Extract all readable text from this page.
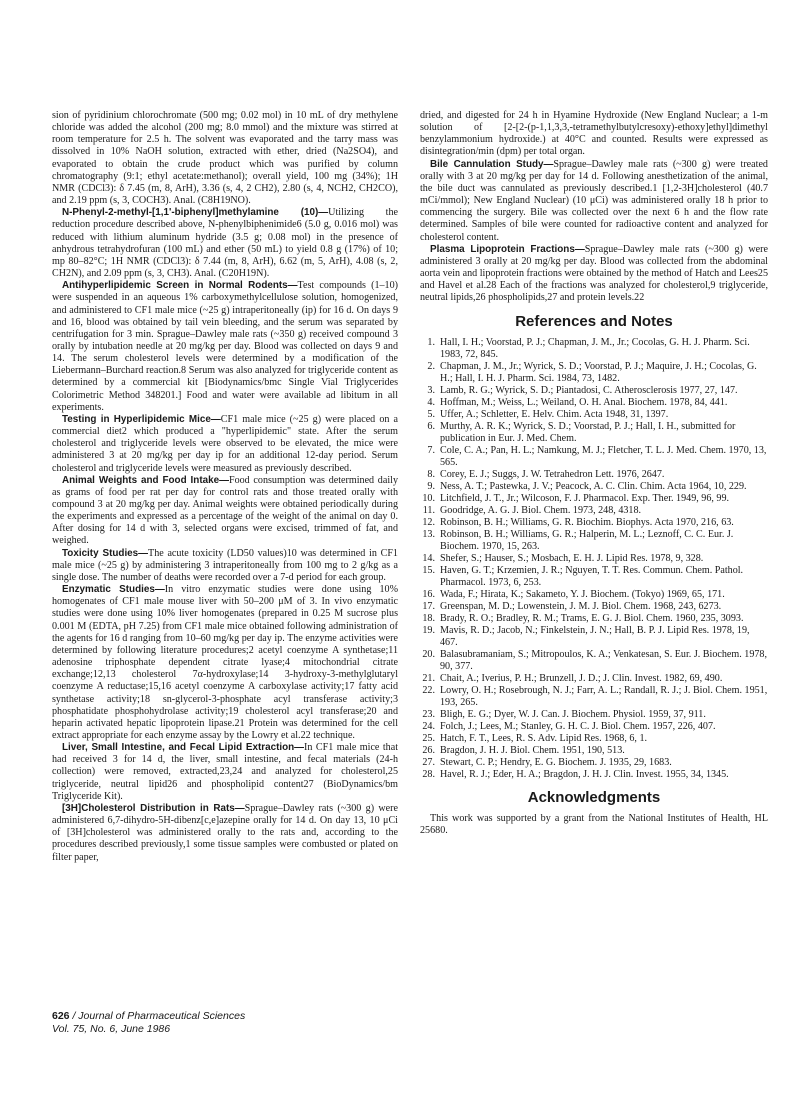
sion of pyridinium chlorochromate (500 mg; 0.02 mol) in 10 mL of dry methylene chloride was added the alcohol (200 mg; 8.0 mmol) and the mixture was stirred at room temperature for 2.5 h. The solvent was evaporated and the tarry mass was dissolved in 10% NaOH solution, extracted with ether, dried (Na2SO4), and evaporated to obtain the crude product which was purified by column chromatography (9:1; ethyl acetate:methanol); overall yield, 100 mg (34%); 1H NMR (CDCl3): δ 7.45 (m, 8, ArH), 3.36 (s, 4, 2 CH2), 2.80 (s, 4, NCH2, CH2CO), and 2.19 ppm (s, 3, COCH3). Anal. (C8H19NO).

N-Phenyl-2-methyl-[1,1'-biphenyl]methylamine (10)—Utilizing the reduction procedure described above, N-phenylbiphenimide6 (5.0 g, 0.016 mol) was reduced with lithium aluminum hydride (3.5 g; 0.08 mol) in the presence of anhydrous tetrahydrofuran (100 mL) and ether (50 mL) to yield 0.8 g (17%) of 10; mp 80–82°C; 1H NMR (CDCl3): δ 7.44 (m, 8, ArH), 6.62 (m, 5, ArH), 4.08 (s, 2, CH2N), and 2.09 ppm (s, 3, CH3). Anal. (C20H19N).

Antihyperlipidemic Screen in Normal Rodents—Test compounds (1–10) were suspended in an aqueous 1% carboxymethylcellulose solution, homogenized, and administered to CF1 male mice (~25 g) intraperitoneally (ip) for 16 d. On days 9 and 16, blood was obtained by tail vein bleeding, and the serum was separated by centrifugation for 3 min. Sprague–Dawley male rats (~350 g) received compound 3 orally by intubation needle at 20 mg/kg per day. Blood was collected on days 9 and 14. The serum cholesterol levels were determined by a modification of the Liebermann–Burchard reaction.8 Serum was also analyzed for triglyceride content as determined by a commercial kit [Biodynamics/bmc Single Vial Triglycerides Colorimetric Method 348201.] Food and water were available ad libitum in all experiments.

Testing in Hyperlipidemic Mice—CF1 male mice (~25 g) were placed on a commercial diet2 which produced a "hyperlipidemic" state. After the serum cholesterol and triglyceride levels were observed to be elevated, the mice were administered 3 at 20 mg/kg per day ip for an additional 12-day period. Serum cholesterol and triglyceride levels were measured as previously described.

Animal Weights and Food Intake—Food consumption was determined daily as grams of food per rat per day for control rats and those treated orally with compound 3 at 20 mg/kg per day. Animal weights were obtained periodically during the experiments and expressed as a percentage of the weight of the animal on day 0. After dosing for 14 d with 3, selected organs were excised, trimmed of fat, and weighed.

Toxicity Studies—The acute toxicity (LD50 values)10 was determined in CF1 male mice (~25 g) by administering 3 intraperitoneally from 100 mg to 2 g/kg as a single dose. The number of deaths were recorded over a 7-d period for each group.

Enzymatic Studies—In vitro enzymatic studies were done using 10% homogenates of CF1 male mouse liver with 50–200 μM of 3. In vivo enzymatic studies were done using 10% liver homogenates (prepared in 0.25 M sucrose plus 0.001 M (EDTA, pH 7.25) from CF1 male mice obtained following administration of the agents for 16 d ranging from 10–60 mg/kg per day ip. The enzyme activities were determined by following literature procedures;2 acetyl coenzyme A synthetase;11 adenosine triphosphate dependent citrate lyase;4 mitochondrial citrate exchange;12,13 cholesterol 7α-hydroxylase;14 3-hydroxy-3-methylglutaryl coenzyme A reductase;15,16 acetyl coenzyme A carboxylase activity;17 fatty acid synthetase activity;18 sn-glycerol-3-phosphate acyl transferase activity;3 phosphatidate phosphohydrolase activity;19 cholesterol acyl transferase;20 and heparin activated hepatic lipoprotein lipase.21 Protein was determined for the cell extract appropriate for each enzyme assay by the Lowry et al.22 technique.

Liver, Small Intestine, and Fecal Lipid Extraction—In CF1 male mice that had received 3 for 14 d, the liver, small intestine, and fecal materials (24-h collection) were removed, extracted,23,24 and analyzed for cholesterol,25 triglyceride, neutral lipid26 and phospholipid content27 (BioDynamics/bm Triglyceride Kit).

[3H]Cholesterol Distribution in Rats—Sprague–Dawley rats (~300 g) were administered 6,7-dihydro-5H-dibenz[c,e]azepine orally for 14 d. On day 13, 10 μCi of [3H]cholesterol was administered orally to the rats and, according to the procedures described previously,1 some tissue samples were combusted or plated on filter paper,

dried, and digested for 24 h in Hyamine Hydroxide (New England Nuclear; a 1-m solution of [2-[2-(p-1,1,3,3,-tetramethylbutylcresoxy)-ethoxy]ethyl]dimethyl benzylammonium hydroxide.) at 40°C and counted. Results were expressed as disintegration/min (dpm) per total organ.

Bile Cannulation Study—Sprague–Dawley male rats (~300 g) were treated orally with 3 at 20 mg/kg per day for 14 d. Following anesthetization of the animal, the bile duct was cannulated as previously described.1 [1,2-3H]cholesterol (40.7 mCi/mmol); New England Nuclear) (10 μCi) was administered orally 18 h prior to commencing the surgery. Bile was collected over the next 6 h and the flow rate determined. Samples of bile were counted for radioactive content and analyzed for cholesterol content.

Plasma Lipoprotein Fractions—Sprague–Dawley male rats (~300 g) were administered 3 orally at 20 mg/kg per day. Blood was collected from the abdominal aorta vein and lipoprotein fractions were obtained by the method of Hatch and Lees25 and Havel et al.28 Each of the fractions was analyzed for cholesterol,9 triglyceride, neutral lipids,26 phospholipids,27 and protein levels.22

References and Notes
1. Hall, I. H.; Voorstad, P. J.; Chapman, J. M., Jr.; Cocolas, G. H. J. Pharm. Sci. 1983, 72, 845.
2. Chapman, J. M., Jr.; Wyrick, S. D.; Voorstad, P. J.; Maquire, J. H.; Cocolas, G. H.; Hall, I. H. J. Pharm. Sci. 1984, 73, 1482.
3. Lamb, R. G.; Wyrick, S. D.; Piantadosi, C. Atherosclerosis 1977, 27, 147.
4. Hoffman, M.; Weiss, L.; Weiland, O. H. Anal. Biochem. 1978, 84, 441.
5. Uffer, A.; Schletter, E. Helv. Chim. Acta 1948, 31, 1397.
6. Murthy, A. R. K.; Wyrick, S. D.; Voorstad, P. J.; Hall, I. H., submitted for publication in Eur. J. Med. Chem.
7. Cole, C. A.; Pan, H. L.; Namkung, M. J.; Fletcher, T. L. J. Med. Chem. 1970, 13, 565.
8. Corey, E. J.; Suggs, J. W. Tetrahedron Lett. 1976, 2647.
9. Ness, A. T.; Pastewka, J. V.; Peacock, A. C. Clin. Chim. Acta 1964, 10, 229.
10. Litchfield, J. T., Jr.; Wilcoson, F. J. Pharmacol. Exp. Ther. 1949, 96, 99.
11. Goodridge, A. G. J. Biol. Chem. 1973, 248, 4318.
12. Robinson, B. H.; Williams, G. R. Biochim. Biophys. Acta 1970, 216, 63.
13. Robinson, B. H.; Williams, G. R.; Halperin, M. L.; Leznoff, C. C. Eur. J. Biochem. 1970, 15, 263.
14. Shefer, S.; Hauser, S.; Mosbach, E. H. J. Lipid Res. 1978, 9, 328.
15. Haven, G. T.; Krzemien, J. R.; Nguyen, T. T. Res. Commun. Chem. Pathol. Pharmacol. 1973, 6, 253.
16. Wada, F.; Hirata, K.; Sakameto, Y. J. Biochem. (Tokyo) 1969, 65, 171.
17. Greenspan, M. D.; Lowenstein, J. M. J. Biol. Chem. 1968, 243, 6273.
18. Brady, R. O.; Bradley, R. M.; Trams, E. G. J. Biol. Chem. 1960, 235, 3093.
19. Mavis, R. D.; Jacob, N.; Finkelstein, J. N.; Hall, B. P. J. Lipid Res. 1978, 19, 467.
20. Balasubramaniam, S.; Mitropoulos, K. A.; Venkatesan, S. Eur. J. Biochem. 1978, 90, 377.
21. Chait, A.; Iverius, P. H.; Brunzell, J. D.; J. Clin. Invest. 1982, 69, 490.
22. Lowry, O. H.; Rosebrough, N. J.; Farr, A. L.; Randall, R. J.; J. Biol. Chem. 1951, 193, 265.
23. Bligh, E. G.; Dyer, W. J. Can. J. Biochem. Physiol. 1959, 37, 911.
24. Folch, J.; Lees, M.; Stanley, G. H. C. J. Biol. Chem. 1957, 226, 407.
25. Hatch, F. T., Lees, R. S. Adv. Lipid Res. 1968, 6, 1.
26. Bragdon, J. H. J. Biol. Chem. 1951, 190, 513.
27. Stewart, C. P.; Hendry, E. G. Biochem. J. 1935, 29, 1683.
28. Havel, R. J.; Eder, H. A.; Bragdon, J. H. J. Clin. Invest. 1955, 34, 1345.
Acknowledgments

This work was supported by a grant from the National Institutes of Health, HL 25680.

626 / Journal of Pharmaceutical Sciences
Vol. 75, No. 6, June 1986
